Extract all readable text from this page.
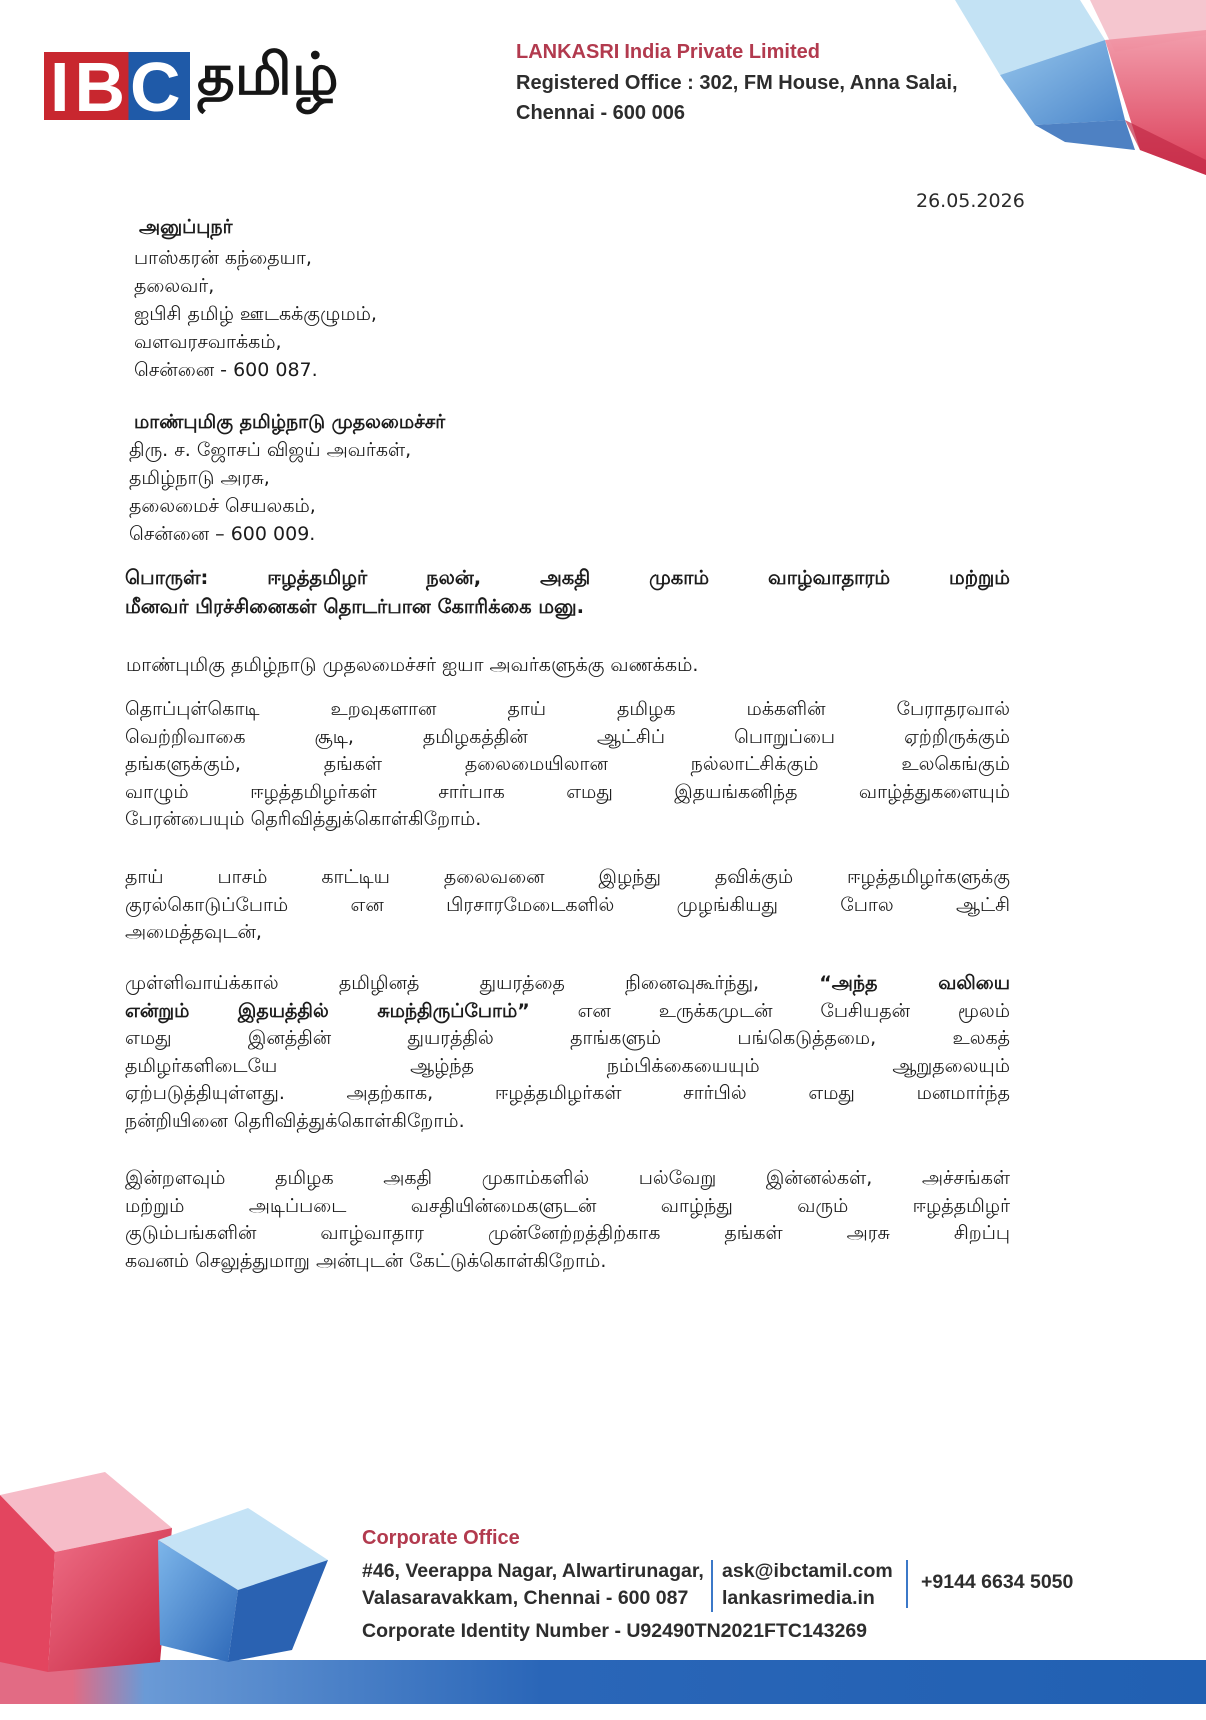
IBC தமிழ்	LANKASRI India Private Limited
Registered Office : 302, FM House, Anna Salai,
Chennai - 600 006
26.05.2026
அனுப்புநர்
பாஸ்கரன் கந்தையா,
தலைவர்,
ஐபிசி தமிழ் ஊடகக்குழுமம்,
வளவரசவாக்கம்,
சென்னை - 600 087.
மாண்புமிகு தமிழ்நாடு முதலமைச்சர்
திரு. ச. ஜோசப் விஜய் அவர்கள்,
தமிழ்நாடு அரசு,
தலைமைச் செயலகம்,
சென்னை – 600 009.
பொருள்: ஈழத்தமிழர் நலன், அகதி முகாம் வாழ்வாதாரம் மற்றும்
மீனவர் பிரச்சினைகள் தொடர்பான கோரிக்கை மனு.
மாண்புமிகு தமிழ்நாடு முதலமைச்சர் ஐயா அவர்களுக்கு வணக்கம்.
தொப்புள்கொடி உறவுகளான தாய் தமிழக மக்களின் பேராதரவால்
வெற்றிவாகை சூடி, தமிழகத்தின் ஆட்சிப் பொறுப்பை ஏற்றிருக்கும்
தங்களுக்கும், தங்கள் தலைமையிலான நல்லாட்சிக்கும் உலகெங்கும்
வாழும் ஈழத்தமிழர்கள் சார்பாக எமது இதயங்கனிந்த வாழ்த்துகளையும்
பேரன்பையும் தெரிவித்துக்கொள்கிறோம்.
தாய் பாசம் காட்டிய தலைவனை இழந்து தவிக்கும் ஈழத்தமிழர்களுக்கு
குரல்கொடுப்போம் என பிரசாரமேடைகளில் முழங்கியது போல ஆட்சி
அமைத்தவுடன்,
முள்ளிவாய்க்கால் தமிழினத் துயரத்தை நினைவுகூர்ந்து, “அந்த வலியை
என்றும் இதயத்தில் சுமந்திருப்போம்” என உருக்கமுடன் பேசியதன் மூலம்
எமது இனத்தின் துயரத்தில் தாங்களும் பங்கெடுத்தமை, உலகத்
தமிழர்களிடையே ஆழ்ந்த நம்பிக்கையையும் ஆறுதலையும்
ஏற்படுத்தியுள்ளது. அதற்காக, ஈழத்தமிழர்கள் சார்பில் எமது மனமார்ந்த
நன்றியினை தெரிவித்துக்கொள்கிறோம்.
இன்றளவும் தமிழக அகதி முகாம்களில் பல்வேறு இன்னல்கள், அச்சங்கள்
மற்றும் அடிப்படை வசதியின்மைகளுடன் வாழ்ந்து வரும் ஈழத்தமிழர்
குடும்பங்களின் வாழ்வாதார முன்னேற்றத்திற்காக தங்கள் அரசு சிறப்பு
கவனம் செலுத்துமாறு அன்புடன் கேட்டுக்கொள்கிறோம்.
Corporate Office
#46, Veerappa Nagar, Alwartirunagar,
Valasaravakkam, Chennai - 600 087
ask@ibctamil.com
lankasrimedia.in
+9144 6634 5050
Corporate Identity Number - U92490TN2021FTC143269
